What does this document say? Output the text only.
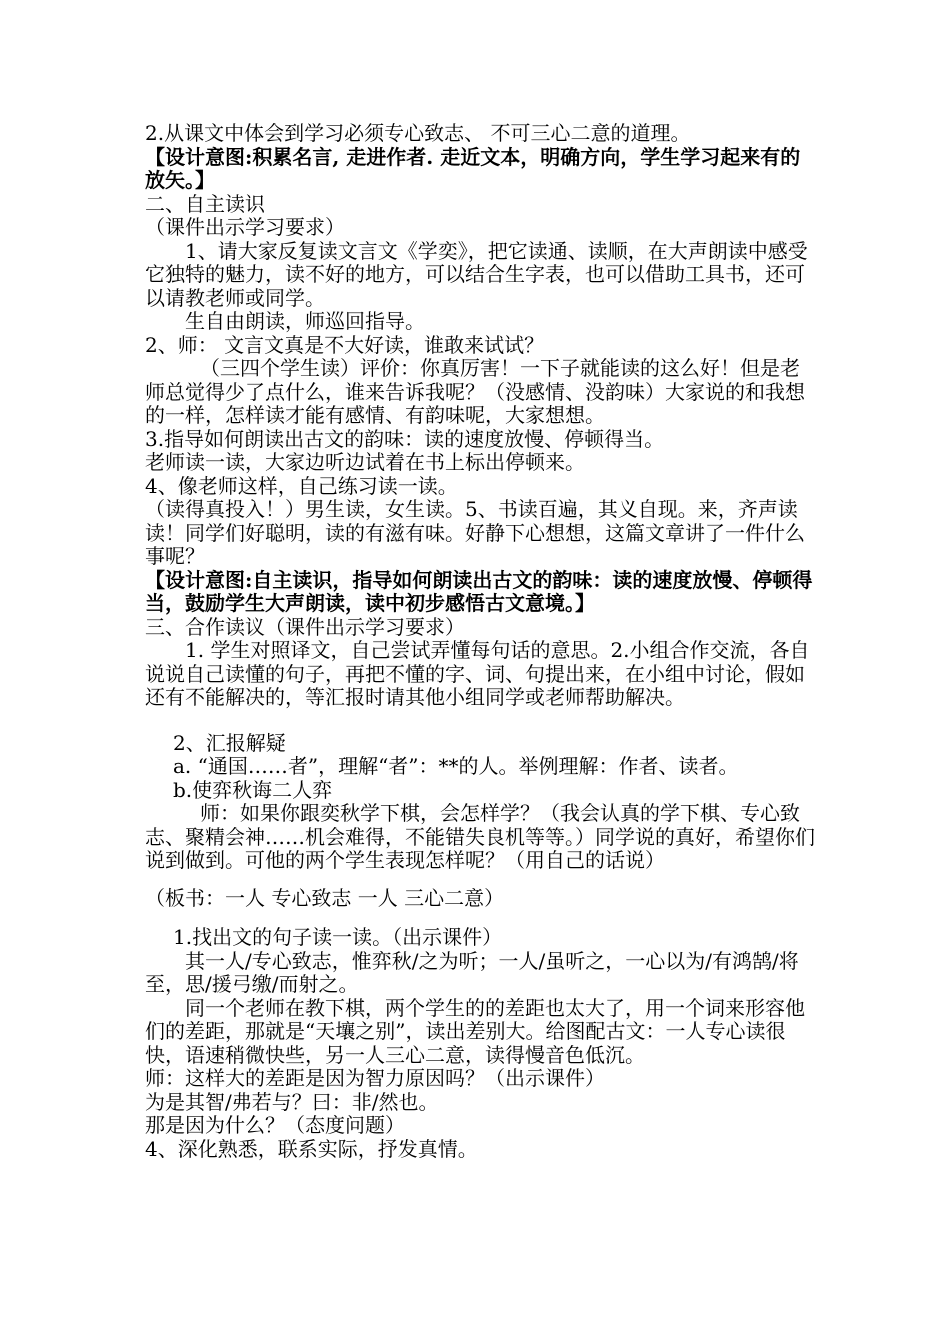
2.从课文中体会到学习必须专心致志、 不可三心二意的道理。

【设计意图:积累名言, 走进作者. 走近文本，明确方向，学生学习起来有的放矢。】

二、自主读识

（课件出示学习要求）

1、请大家反复读文言文《学奕》，把它读通、读顺，在大声朗读中感受它独特的魅力，读不好的地方，可以结合生字表，也可以借助工具书，还可以请教老师或同学。

生自由朗读，师巡回指导。

2、师： 文言文真是不大好读，谁敢来试试？

（三四个学生读）评价：你真厉害！一下子就能读的这么好！但是老师总觉得少了点什么，谁来告诉我呢？（没感情、没韵味）大家说的和我想的一样，怎样读才能有感情、有韵味呢，大家想想。

3.指导如何朗读出古文的韵味：读的速度放慢、停顿得当。

老师读一读，大家边听边试着在书上标出停顿来。

4、像老师这样，自己练习读一读。

（读得真投入！）男生读，女生读。5、书读百遍，其义自现。来，齐声读读！同学们好聪明，读的有滋有味。好静下心想想，这篇文章讲了一件什么事呢？

【设计意图:自主读识，指导如何朗读出古文的韵味：读的速度放慢、停顿得当，鼓励学生大声朗读，读中初步感悟古文意境。】

三、合作读议（课件出示学习要求）

1. 学生对照译文，自己尝试弄懂每句话的意思。2.小组合作交流，各自说说自己读懂的句子，再把不懂的字、词、句提出来，在小组中讨论，假如还有不能解决的，等汇报时请其他小组同学或老师帮助解决。

2、汇报解疑

a. “通国……者”，理解“者”：**的人。举例理解：作者、读者。

b.使弈秋诲二人弈

师：如果你跟奕秋学下棋，会怎样学？（我会认真的学下棋、专心致志、聚精会神……机会难得，不能错失良机等等。）同学说的真好，希望你们说到做到。可他的两个学生表现怎样呢？（用自己的话说）

（板书：一人 专心致志 一人 三心二意）

1.找出文的句子读一读。（出示课件）

其一人/专心致志，惟弈秋/之为听；一人/虽听之，一心以为/有鸿鹄/将至，思/援弓缴/而射之。

同一个老师在教下棋，两个学生的的差距也太大了，用一个词来形容他们的差距，那就是“天壤之别”，读出差别大。给图配古文：一人专心读很快，语速稍微快些，另一人三心二意，读得慢音色低沉。

师：这样大的差距是因为智力原因吗？（出示课件）

为是其智/弗若与？曰：非/然也。

那是因为什么？（态度问题）

4、深化熟悉，联系实际，抒发真情。
